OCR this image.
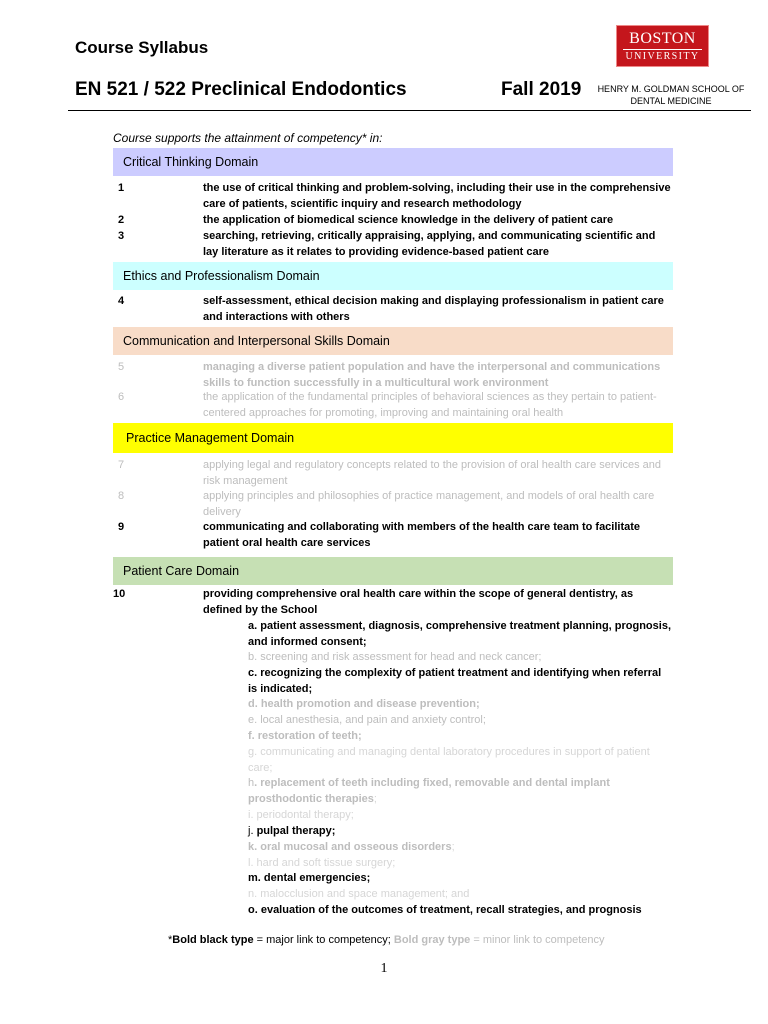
Course Syllabus
EN 521 / 522 Preclinical Endodontics	Fall 2019
BOSTON
UNIVERSITY
HENRY M. GOLDMAN SCHOOL OF
DENTAL MEDICINE
Course supports the attainment of competency* in:
Critical Thinking Domain
1	the use of critical thinking and problem-solving, including their use in the comprehensive care of patients, scientific inquiry and research methodology
2	the application of biomedical science knowledge in the delivery of patient care
3	searching, retrieving, critically appraising, applying, and communicating scientific and lay literature as it relates to providing evidence-based patient care
Ethics and Professionalism Domain
4	self-assessment, ethical decision making and displaying professionalism in patient care and interactions with others
Communication and Interpersonal Skills Domain
5	managing a diverse patient population and have the interpersonal and communications skills to function successfully in a multicultural work environment
6	the application of the fundamental principles of behavioral sciences as they pertain to patient-centered approaches for promoting, improving and maintaining oral health
Practice Management Domain
7	applying legal and regulatory concepts related to the provision of oral health care services and risk management
8	applying principles and philosophies of practice management, and models of oral health care delivery
9	communicating and collaborating with members of the health care team to facilitate patient oral health care services
Patient Care Domain
10	providing comprehensive oral health care within the scope of general dentistry, as defined by the School
a. patient assessment, diagnosis, comprehensive treatment planning, prognosis, and informed consent;
b. screening and risk assessment for head and neck cancer;
c. recognizing the complexity of patient treatment and identifying when referral is indicated;
d. health promotion and disease prevention;
e. local anesthesia, and pain and anxiety control;
f. restoration of teeth;
g. communicating and managing dental laboratory procedures in support of patient care;
h. replacement of teeth including fixed, removable and dental implant prosthodontic therapies;
i. periodontal therapy;
j. pulpal therapy;
k. oral mucosal and osseous disorders;
l. hard and soft tissue surgery;
m. dental emergencies;
n. malocclusion and space management; and
o. evaluation of the outcomes of treatment, recall strategies, and prognosis
*Bold black type = major link to competency; Bold gray type = minor link to competency
1
